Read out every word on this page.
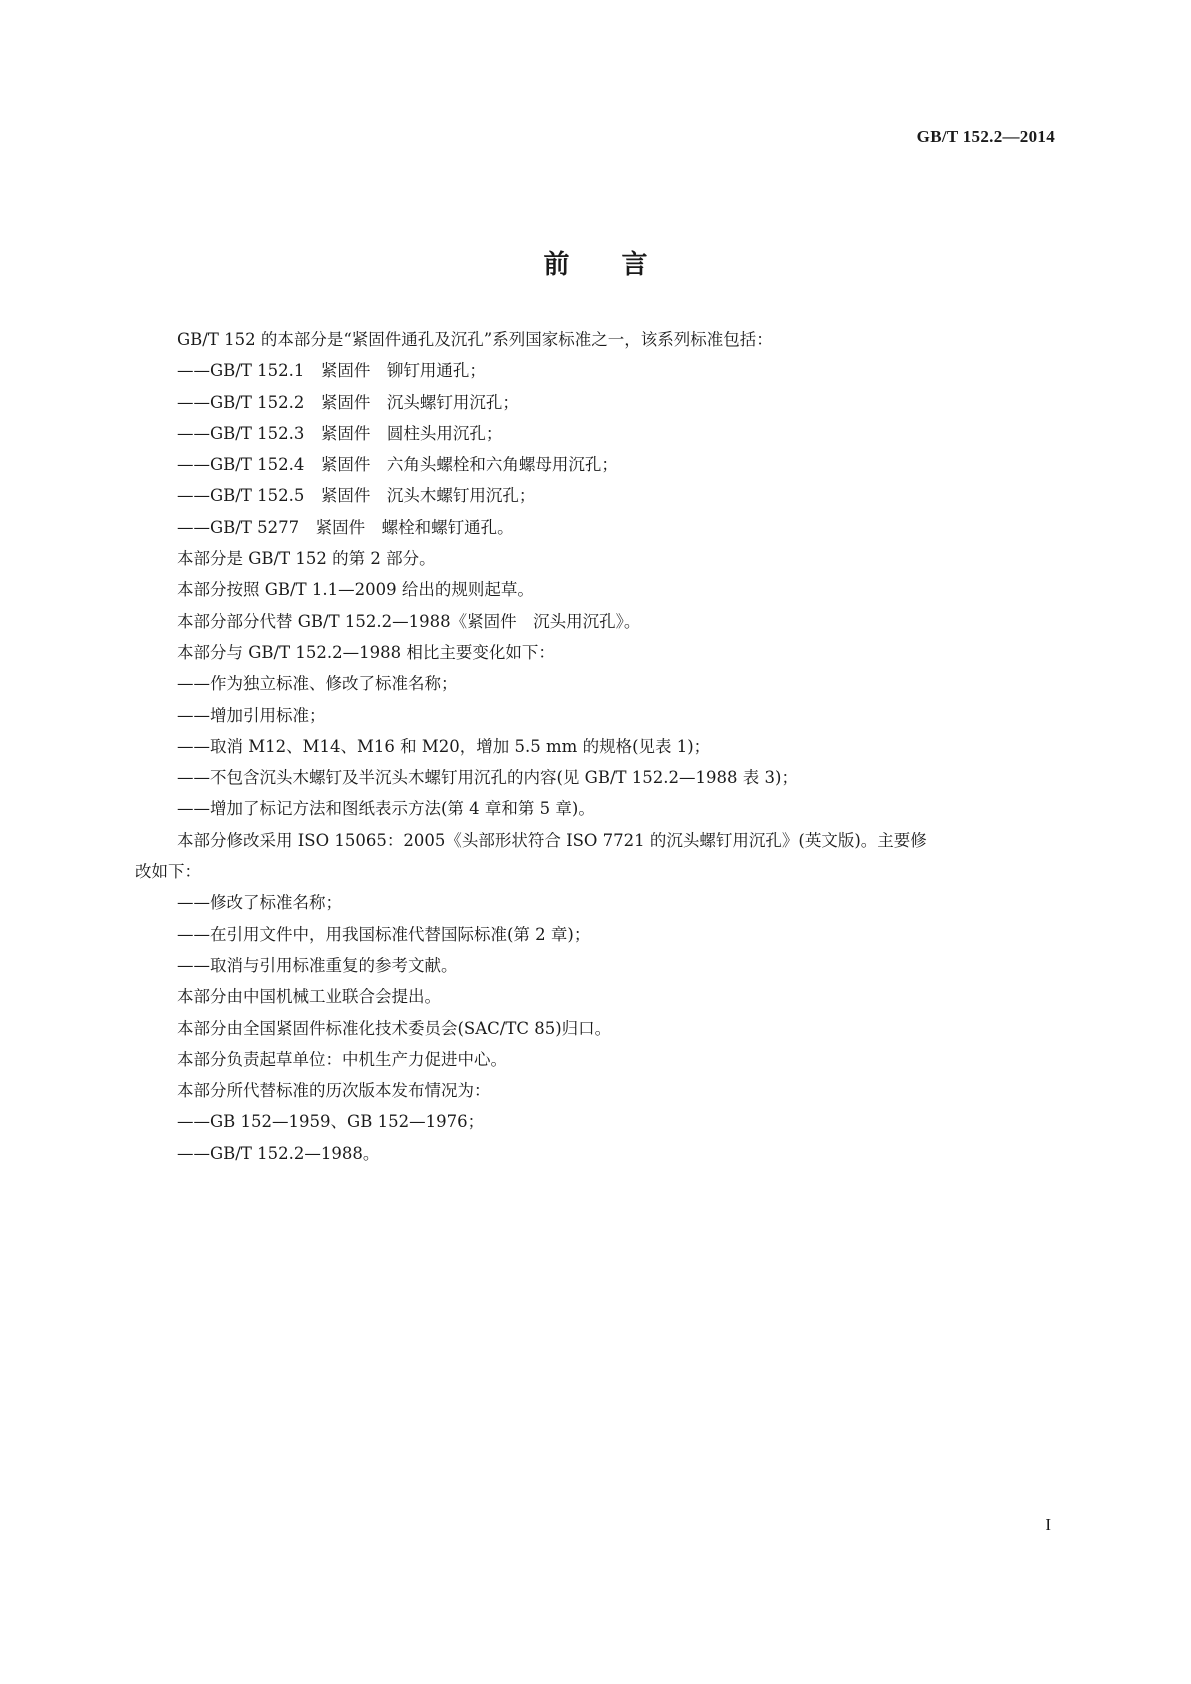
GB/T 152.2—2014
前言

GB/T 152 的本部分是“紧固件通孔及沉孔”系列国家标准之一，该系列标准包括：

——GB/T 152.1　紧固件　铆钉用通孔；

——GB/T 152.2　紧固件　沉头螺钉用沉孔；

——GB/T 152.3　紧固件　圆柱头用沉孔；

——GB/T 152.4　紧固件　六角头螺栓和六角螺母用沉孔；

——GB/T 152.5　紧固件　沉头木螺钉用沉孔；

——GB/T 5277　紧固件　螺栓和螺钉通孔。

本部分是 GB/T 152 的第 2 部分。

本部分按照 GB/T 1.1—2009 给出的规则起草。

本部分部分代替 GB/T 152.2—1988《紧固件　沉头用沉孔》。

本部分与 GB/T 152.2—1988 相比主要变化如下：

——作为独立标准、修改了标准名称；

——增加引用标准；

——取消 M12、M14、M16 和 M20，增加 5.5 mm 的规格(见表 1)；

——不包含沉头木螺钉及半沉头木螺钉用沉孔的内容(见 GB/T 152.2—1988 表 3)；

——增加了标记方法和图纸表示方法(第 4 章和第 5 章)。

本部分修改采用 ISO 15065：2005《头部形状符合 ISO 7721 的沉头螺钉用沉孔》(英文版)。主要修

改如下：

——修改了标准名称；

——在引用文件中，用我国标准代替国际标准(第 2 章)；

——取消与引用标准重复的参考文献。

本部分由中国机械工业联合会提出。

本部分由全国紧固件标准化技术委员会(SAC/TC 85)归口。

本部分负责起草单位：中机生产力促进中心。

本部分所代替标准的历次版本发布情况为：

——GB 152—1959、GB 152—1976；

——GB/T 152.2—1988。

I
